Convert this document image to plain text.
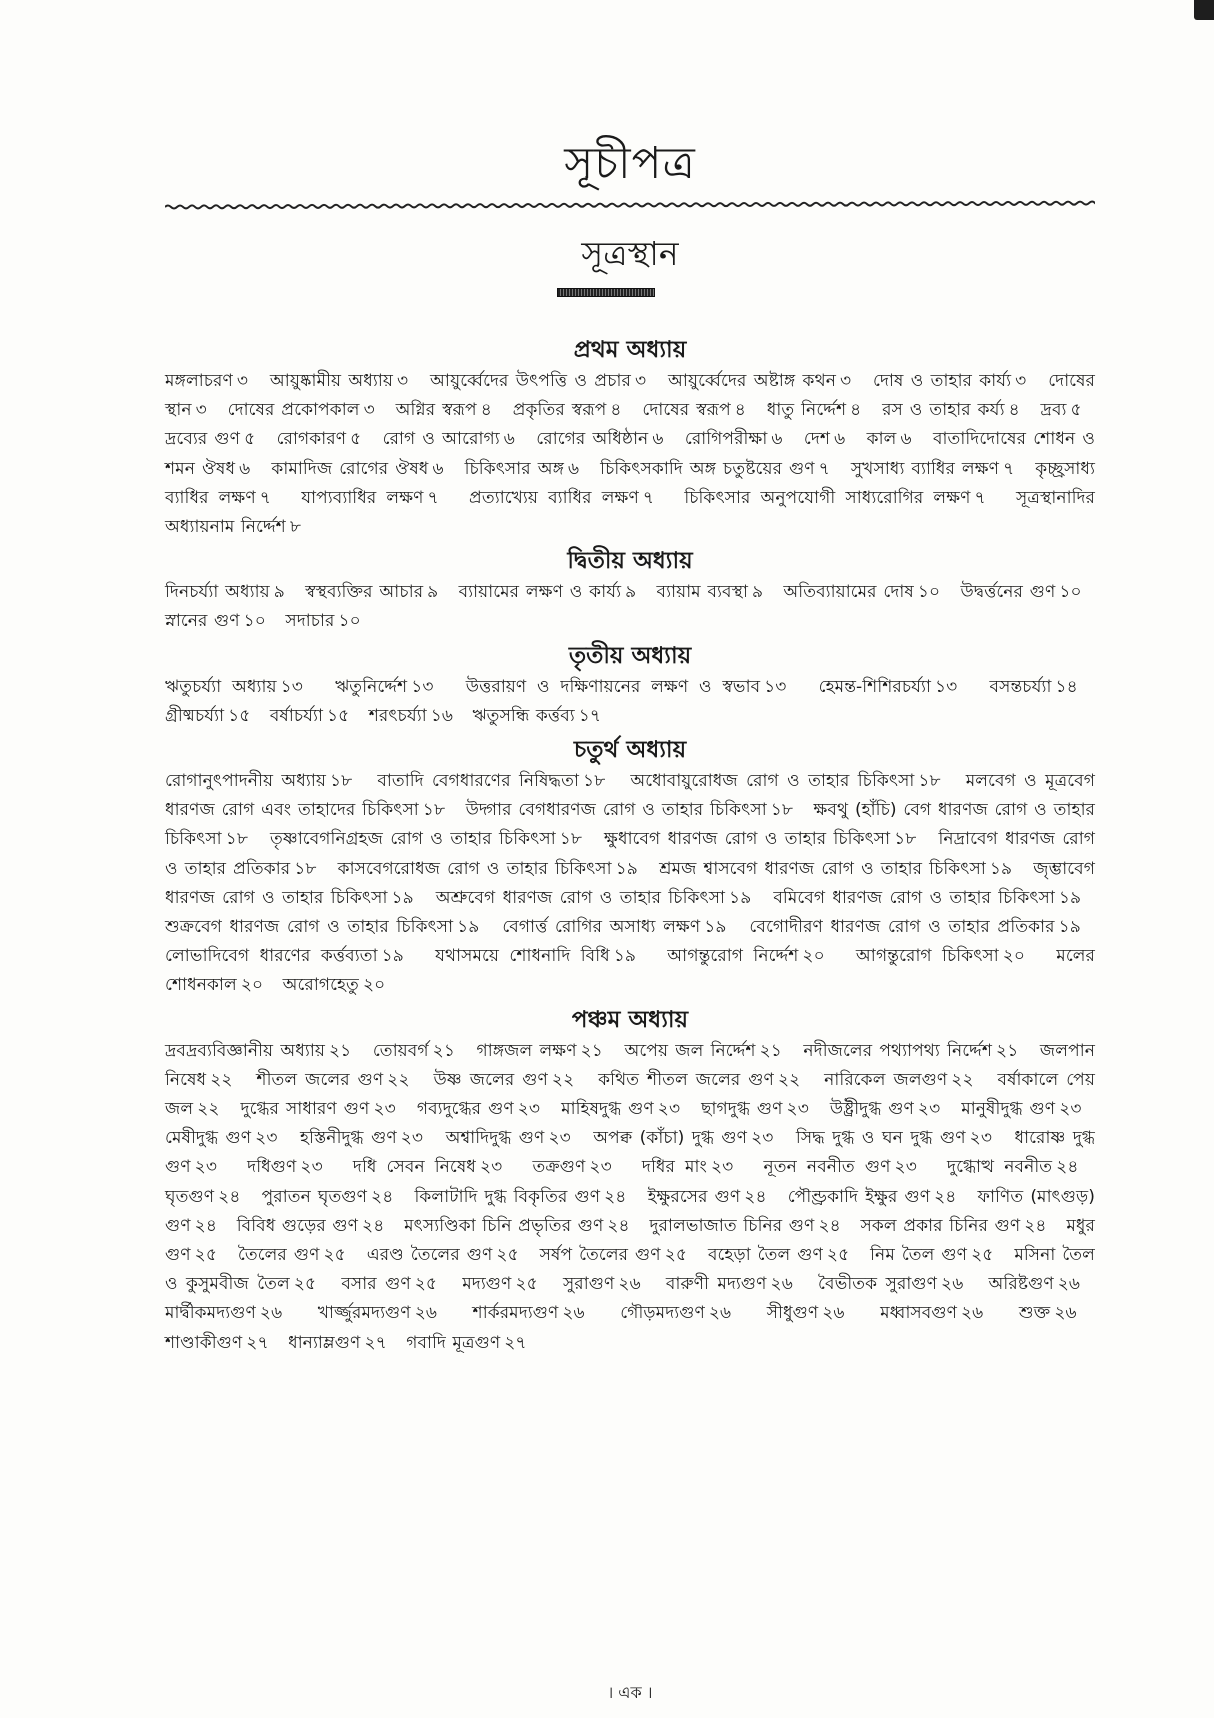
সূচীপত্র
সূত্রস্থান
প্রথম অধ্যায়

মঙ্গলাচরণ ৩ আয়ুষ্কামীয় অধ্যায় ৩ আয়ুর্ব্বেদের উৎপত্তি ও প্রচার ৩ আয়ুর্ব্বেদের অষ্টাঙ্গ কথন ৩ দোষ ও তাহার কার্য্য ৩ দোষের স্থান ৩ দোষের প্রকোপকাল ৩ অগ্নির স্বরূপ ৪ প্রকৃতির স্বরূপ ৪ দোষের স্বরূপ ৪ ধাতু নির্দ্দেশ ৪ রস ও তাহার কর্য্য ৪ দ্রব্য ৫ দ্রব্যের গুণ ৫ রোগকারণ ৫ রোগ ও আরোগ্য ৬ রোগের অধিষ্ঠান ৬ রোগিপরীক্ষা ৬ দেশ ৬ কাল ৬ বাতাদিদোষের শোধন ও শমন ঔষধ ৬ কামাদিজ রোগের ঔষধ ৬ চিকিৎসার অঙ্গ ৬ চিকিৎসকাদি অঙ্গ চতুষ্টয়ের গুণ ৭ সুখসাধ্য ব্যাধির লক্ষণ ৭ কৃচ্ছ্রসাধ্য ব্যাধির লক্ষণ ৭ যাপ্যব্যাধির লক্ষণ ৭ প্রত্যাখ্যেয় ব্যাধির লক্ষণ ৭ চিকিৎসার অনুপযোগী সাধ্যরোগির লক্ষণ ৭ সূত্রস্থানাদির অধ্যায়নাম নির্দ্দেশ ৮

দ্বিতীয় অধ্যায়

দিনচর্য্যা অধ্যায় ৯ স্বস্থব্যক্তির আচার ৯ ব্যায়ামের লক্ষণ ও কার্য্য ৯ ব্যায়াম ব্যবস্থা ৯ অতিব্যায়ামের দোষ ১০ উদ্বর্ত্তনের গুণ ১০ স্নানের গুণ ১০ সদাচার ১০

তৃতীয় অধ্যায়

ঋতুচর্য্যা অধ্যায় ১৩ ঋতুনির্দ্দেশ ১৩ উত্তরায়ণ ও দক্ষিণায়নের লক্ষণ ও স্বভাব ১৩ হেমন্ত-শিশিরচর্য্যা ১৩ বসন্তচর্য্যা ১৪ গ্রীষ্মচর্য্যা ১৫ বর্ষাচর্য্যা ১৫ শরৎচর্য্যা ১৬ ঋতুসন্ধি কর্ত্তব্য ১৭

চতুর্থ অধ্যায়

রোগানুৎপাদনীয় অধ্যায় ১৮ বাতাদি বেগধারণের নিষিদ্ধতা ১৮ অধোবায়ুরোধজ রোগ ও তাহার চিকিৎসা ১৮ মলবেগ ও মূত্রবেগ ধারণজ রোগ এবং তাহাদের চিকিৎসা ১৮ উদ্গার বেগধারণজ রোগ ও তাহার চিকিৎসা ১৮ ক্ষবথু (হাঁচি) বেগ ধারণজ রোগ ও তাহার চিকিৎসা ১৮ তৃষ্ণাবেগনিগ্রহজ রোগ ও তাহার চিকিৎসা ১৮ ক্ষুধাবেগ ধারণজ রোগ ও তাহার চিকিৎসা ১৮ নিদ্রাবেগ ধারণজ রোগ ও তাহার প্রতিকার ১৮ কাসবেগরোধজ রোগ ও তাহার চিকিৎসা ১৯ শ্রমজ শ্বাসবেগ ধারণজ রোগ ও তাহার চিকিৎসা ১৯ জৃম্ভাবেগ ধারণজ রোগ ও তাহার চিকিৎসা ১৯ অশ্রুবেগ ধারণজ রোগ ও তাহার চিকিৎসা ১৯ বমিবেগ ধারণজ রোগ ও তাহার চিকিৎসা ১৯ শুক্রবেগ ধারণজ রোগ ও তাহার চিকিৎসা ১৯ বেগার্ত্ত রোগির অসাধ্য লক্ষণ ১৯ বেগোদীরণ ধারণজ রোগ ও তাহার প্রতিকার ১৯ লোভাদিবেগ ধারণের কর্ত্তব্যতা ১৯ যথাসময়ে শোধনাদি বিধি ১৯ আগন্তুরোগ নির্দ্দেশ ২০ আগন্তুরোগ চিকিৎসা ২০ মলের শোধনকাল ২০ অরোগহেতু ২০

পঞ্চম অধ্যায়

দ্রবদ্রব্যবিজ্ঞানীয় অধ্যায় ২১ তোয়বর্গ ২১ গাঙ্গজল লক্ষণ ২১ অপেয় জল নির্দ্দেশ ২১ নদীজলের পথ্যাপথ্য নির্দ্দেশ ২১ জলপান নিষেধ ২২ শীতল জলের গুণ ২২ উষ্ণ জলের গুণ ২২ কথিত শীতল জলের গুণ ২২ নারিকেল জলগুণ ২২ বর্ষাকালে পেয় জল ২২ দুগ্ধের সাধারণ গুণ ২৩ গব্যদুগ্ধের গুণ ২৩ মাহিষদুগ্ধ গুণ ২৩ ছাগদুগ্ধ গুণ ২৩ উষ্ট্রীদুগ্ধ গুণ ২৩ মানুষীদুগ্ধ গুণ ২৩ মেষীদুগ্ধ গুণ ২৩ হস্তিনীদুগ্ধ গুণ ২৩ অশ্বাদিদুগ্ধ গুণ ২৩ অপক্ব (কাঁচা) দুগ্ধ গুণ ২৩ সিদ্ধ দুগ্ধ ও ঘন দুগ্ধ গুণ ২৩ ধারোষ্ণ দুগ্ধ গুণ ২৩ দধিগুণ ২৩ দধি সেবন নিষেধ ২৩ তক্রগুণ ২৩ দধির মাং ২৩ নূতন নবনীত গুণ ২৩ দুগ্ধোত্থ নবনীত ২৪ ঘৃতগুণ ২৪ পুরাতন ঘৃতগুণ ২৪ কিলাটাদি দুগ্ধ বিকৃতির গুণ ২৪ ইক্ষুরসের গুণ ২৪ পৌণ্ড্রকাদি ইক্ষুর গুণ ২৪ ফাণিত (মাৎগুড়) গুণ ২৪ বিবিধ গুড়ের গুণ ২৪ মৎস্যণ্ডিকা চিনি প্রভৃতির গুণ ২৪ দুরালভাজাত চিনির গুণ ২৪ সকল প্রকার চিনির গুণ ২৪ মধুর গুণ ২৫ তৈলের গুণ ২৫ এরণ্ড তৈলের গুণ ২৫ সর্ষপ তৈলের গুণ ২৫ বহেড়া তৈল গুণ ২৫ নিম তৈল গুণ ২৫ মসিনা তৈল ও কুসুমবীজ তৈল ২৫ বসার গুণ ২৫ মদ্যগুণ ২৫ সুরাগুণ ২৬ বারুণী মদ্যগুণ ২৬ বৈভীতক সুরাগুণ ২৬ অরিষ্টগুণ ২৬ মার্দ্বীকমদ্যগুণ ২৬ খার্জ্জুরমদ্যগুণ ২৬ শার্করমদ্যগুণ ২৬ গৌড়মদ্যগুণ ২৬ সীধুগুণ ২৬ মধ্বাসবগুণ ২৬ শুক্ত ২৬ শাণ্ডাকীগুণ ২৭ ধান্যাম্লগুণ ২৭ গবাদি মূত্রগুণ ২৭

। এক ।
